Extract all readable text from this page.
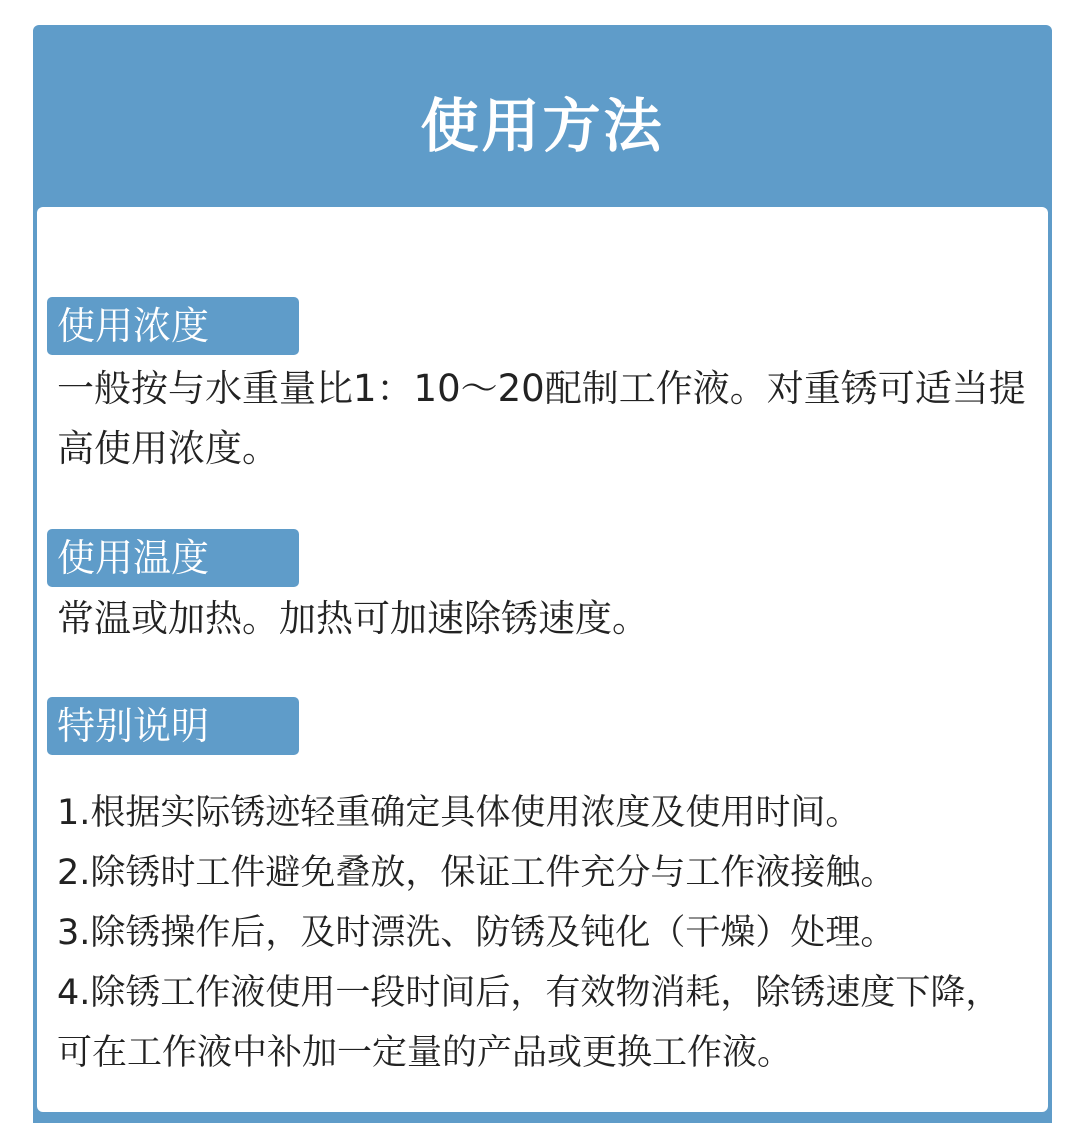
使用方法
使用浓度

一般按与水重量比1：10～20配制工作液。对重锈可适当提高使用浓度。

使用温度

常温或加热。加热可加速除锈速度。

特别说明
1.根据实际锈迹轻重确定具体使用浓度及使用时间。
2.除锈时工件避免叠放，保证工件充分与工作液接触。
3.除锈操作后，及时漂洗、防锈及钝化（干燥）处理。
4.除锈工作液使用一段时间后，有效物消耗，除锈速度下降，可在工作液中补加一定量的产品或更换工作液。
